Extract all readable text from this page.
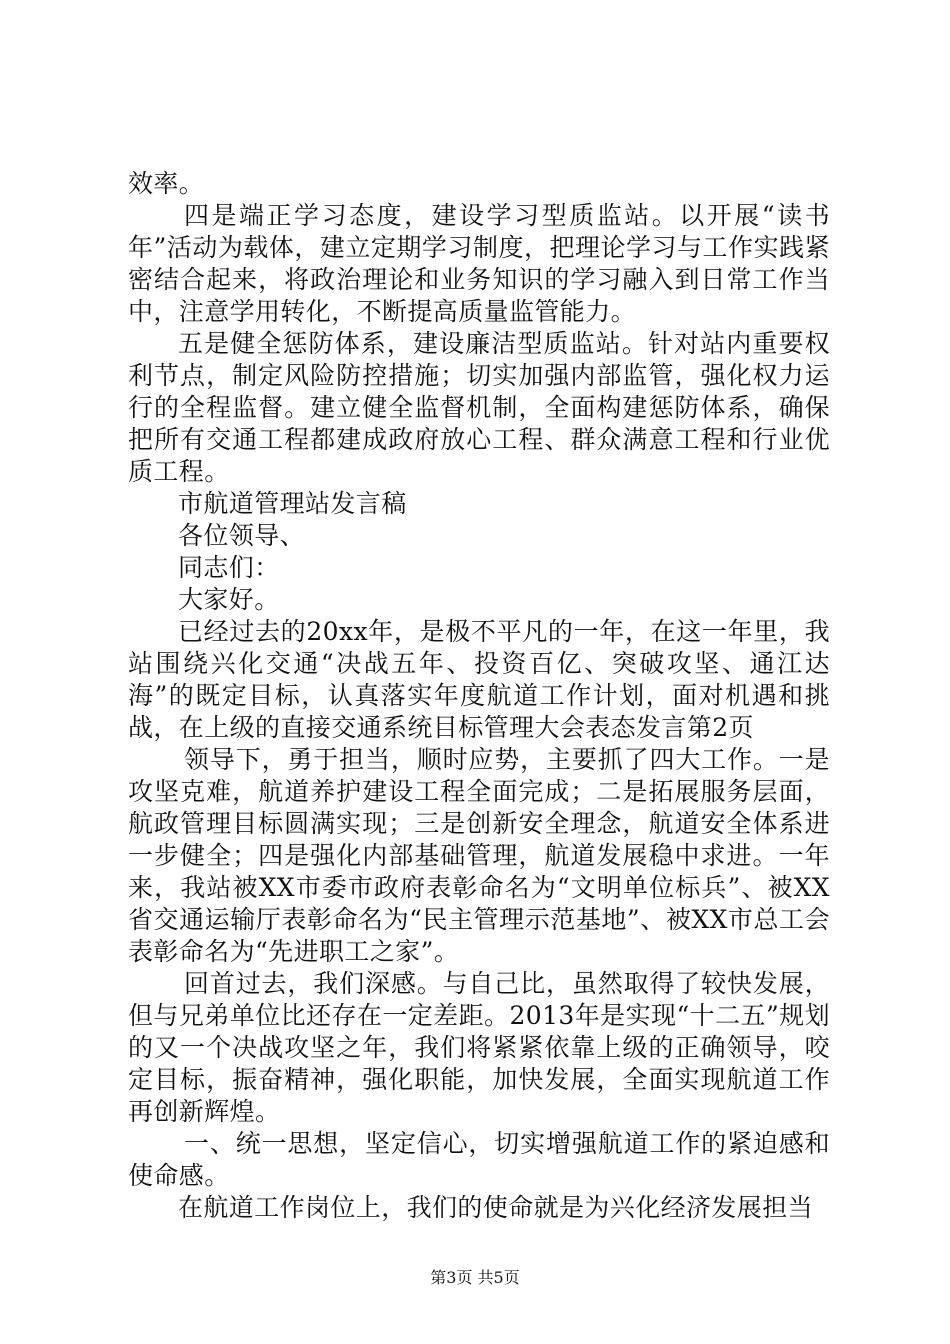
效率。

四是端正学习态度，建设学习型质监站。以开展“读书年”活动为载体，建立定期学习制度，把理论学习与工作实践紧密结合起来，将政治理论和业务知识的学习融入到日常工作当中，注意学用转化，不断提高质量监管能力。

五是健全惩防体系，建设廉洁型质监站。针对站内重要权利节点，制定风险防控措施；切实加强内部监管，强化权力运行的全程监督。建立健全监督机制，全面构建惩防体系，确保把所有交通工程都建成政府放心工程、群众满意工程和行业优质工程。

市航道管理站发言稿

各位领导、

同志们：

大家好。

已经过去的20xx年，是极不平凡的一年，在这一年里，我站围绕兴化交通“决战五年、投资百亿、突破攻坚、通江达海”的既定目标，认真落实年度航道工作计划，面对机遇和挑战，在上级的直接交通系统目标管理大会表态发言第2页

领导下，勇于担当，顺时应势，主要抓了四大工作。一是攻坚克难，航道养护建设工程全面完成；二是拓展服务层面，航政管理目标圆满实现；三是创新安全理念，航道安全体系进一步健全；四是强化内部基础管理，航道发展稳中求进。一年来，我站被XX市委市政府表彰命名为“文明单位标兵”、被XX省交通运输厅表彰命名为“民主管理示范基地”、被XX市总工会表彰命名为“先进职工之家”。

回首过去，我们深感。与自己比，虽然取得了较快发展，但与兄弟单位比还存在一定差距。2013年是实现“十二五”规划的又一个决战攻坚之年，我们将紧紧依靠上级的正确领导，咬定目标，振奋精神，强化职能，加快发展，全面实现航道工作再创新辉煌。

一、统一思想，坚定信心，切实增强航道工作的紧迫感和使命感。

在航道工作岗位上，我们的使命就是为兴化经济发展担当

第3页 共5页
